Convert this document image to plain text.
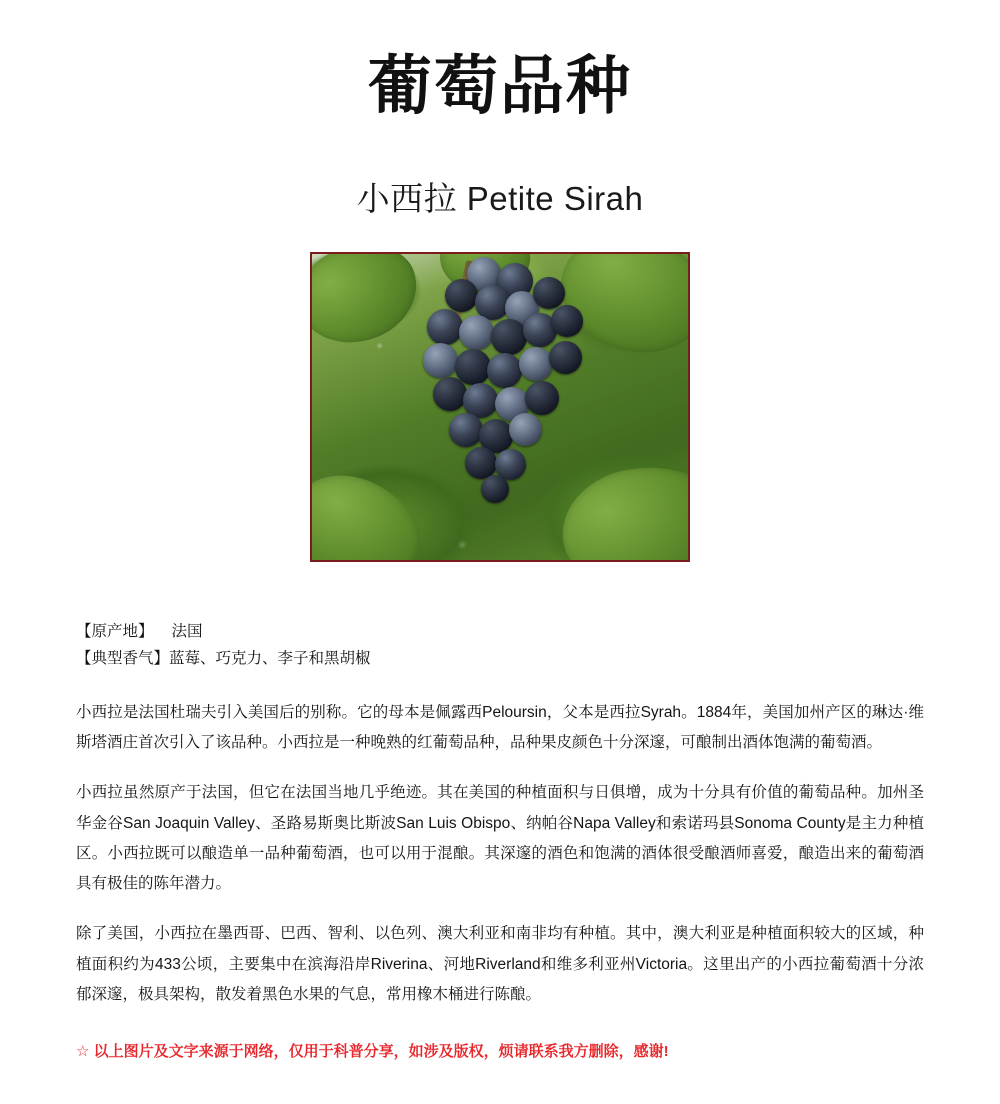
葡萄品种
小西拉 Petite Sirah
【原产地】 法国
【典型香气】蓝莓、巧克力、李子和黑胡椒

小西拉是法国杜瑞夫引入美国后的别称。它的母本是佩露西Peloursin，父本是西拉Syrah。1884年，美国加州产区的琳达·维斯塔酒庄首次引入了该品种。小西拉是一种晚熟的红葡萄品种，品种果皮颜色十分深邃，可酿制出酒体饱满的葡萄酒。

小西拉虽然原产于法国，但它在法国当地几乎绝迹。其在美国的种植面积与日俱增，成为十分具有价值的葡萄品种。加州圣华金谷San Joaquin Valley、圣路易斯奥比斯波San Luis Obispo、纳帕谷Napa Valley和索诺玛县Sonoma County是主力种植区。小西拉既可以酿造单一品种葡萄酒，也可以用于混酿。其深邃的酒色和饱满的酒体很受酿酒师喜爱，酿造出来的葡萄酒具有极佳的陈年潜力。

除了美国，小西拉在墨西哥、巴西、智利、以色列、澳大利亚和南非均有种植。其中，澳大利亚是种植面积较大的区域，种植面积约为433公顷，主要集中在滨海沿岸Riverina、河地Riverland和维多利亚州Victoria。这里出产的小西拉葡萄酒十分浓郁深邃，极具架构，散发着黑色水果的气息，常用橡木桶进行陈酿。

☆ 以上图片及文字来源于网络，仅用于科普分享，如涉及版权，烦请联系我方删除，感谢!
